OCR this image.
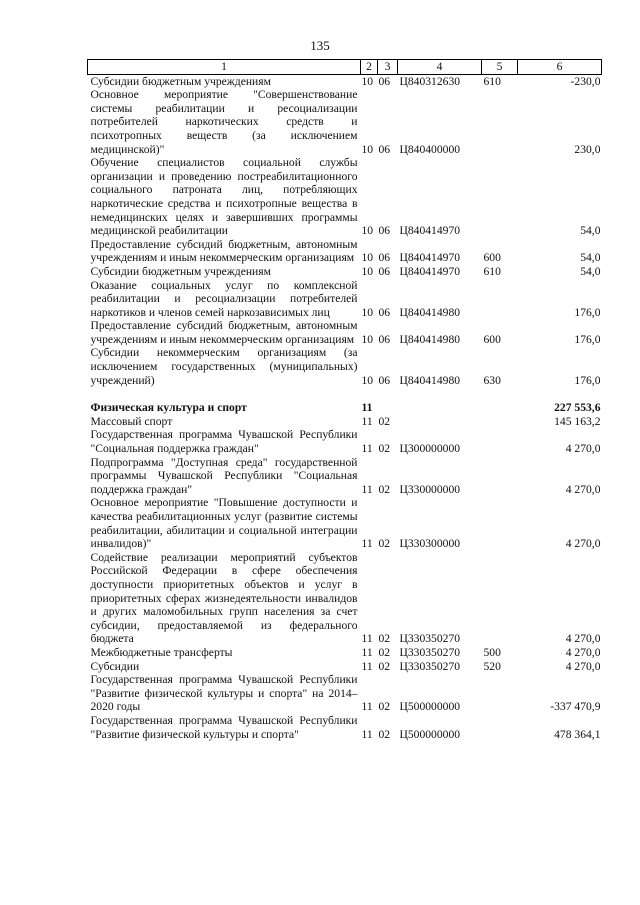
135
1	2	3	4	5	6
Субсидии бюджетным учреждениям	10	06	Ц840312630	610	-230,0
Основное мероприятие "Совершенствование системы реабилитации и ресоциализации потребителей наркотических средств и психотропных веществ (за исключением медицинской)"	10	06	Ц840400000		230,0
Обучение специалистов социальной службы организации и проведению постреабилитационного социального патроната лиц, потребляющих наркотические средства и психотропные вещества в немедицинских целях и завершивших программы медицинской реабилитации	10	06	Ц840414970		54,0
Предоставление субсидий бюджетным, автономным учреждениям и иным некоммерческим организациям	10	06	Ц840414970	600	54,0
Субсидии бюджетным учреждениям	10	06	Ц840414970	610	54,0
Оказание социальных услуг по комплексной реабилитации и ресоциализации потребителей наркотиков и членов семей наркозависимых лиц	10	06	Ц840414980		176,0
Предоставление субсидий бюджетным, автономным учреждениям и иным некоммерческим организациям	10	06	Ц840414980	600	176,0
Субсидии некоммерческим организациям (за исключением государственных (муниципальных) учреждений)	10	06	Ц840414980	630	176,0

Физическая культура и спорт	11				227 553,6
Массовый спорт	11	02			145 163,2
Государственная программа Чувашской Республики "Социальная поддержка граждан"	11	02	Ц300000000		4 270,0
Подпрограмма "Доступная среда" государственной программы Чувашской Республики "Социальная поддержка граждан"	11	02	Ц330000000		4 270,0
Основное мероприятие "Повышение доступности и качества реабилитационных услуг (развитие системы реабилитации, абилитации и социальной интеграции инвалидов)"	11	02	Ц330300000		4 270,0
Содействие реализации мероприятий субъектов Российской Федерации в сфере обеспечения доступности приоритетных объектов и услуг в приоритетных сферах жизнедеятельности инвалидов и других маломобильных групп населения за счет субсидии, предоставляемой из федерального бюджета	11	02	Ц330350270		4 270,0
Межбюджетные трансферты	11	02	Ц330350270	500	4 270,0
Субсидии	11	02	Ц330350270	520	4 270,0
Государственная программа Чувашской Республики "Развитие физической культуры и спорта" на 2014–2020 годы	11	02	Ц500000000		-337 470,9
Государственная программа Чувашской Республики "Развитие физической культуры и спорта"	11	02	Ц500000000		478 364,1
